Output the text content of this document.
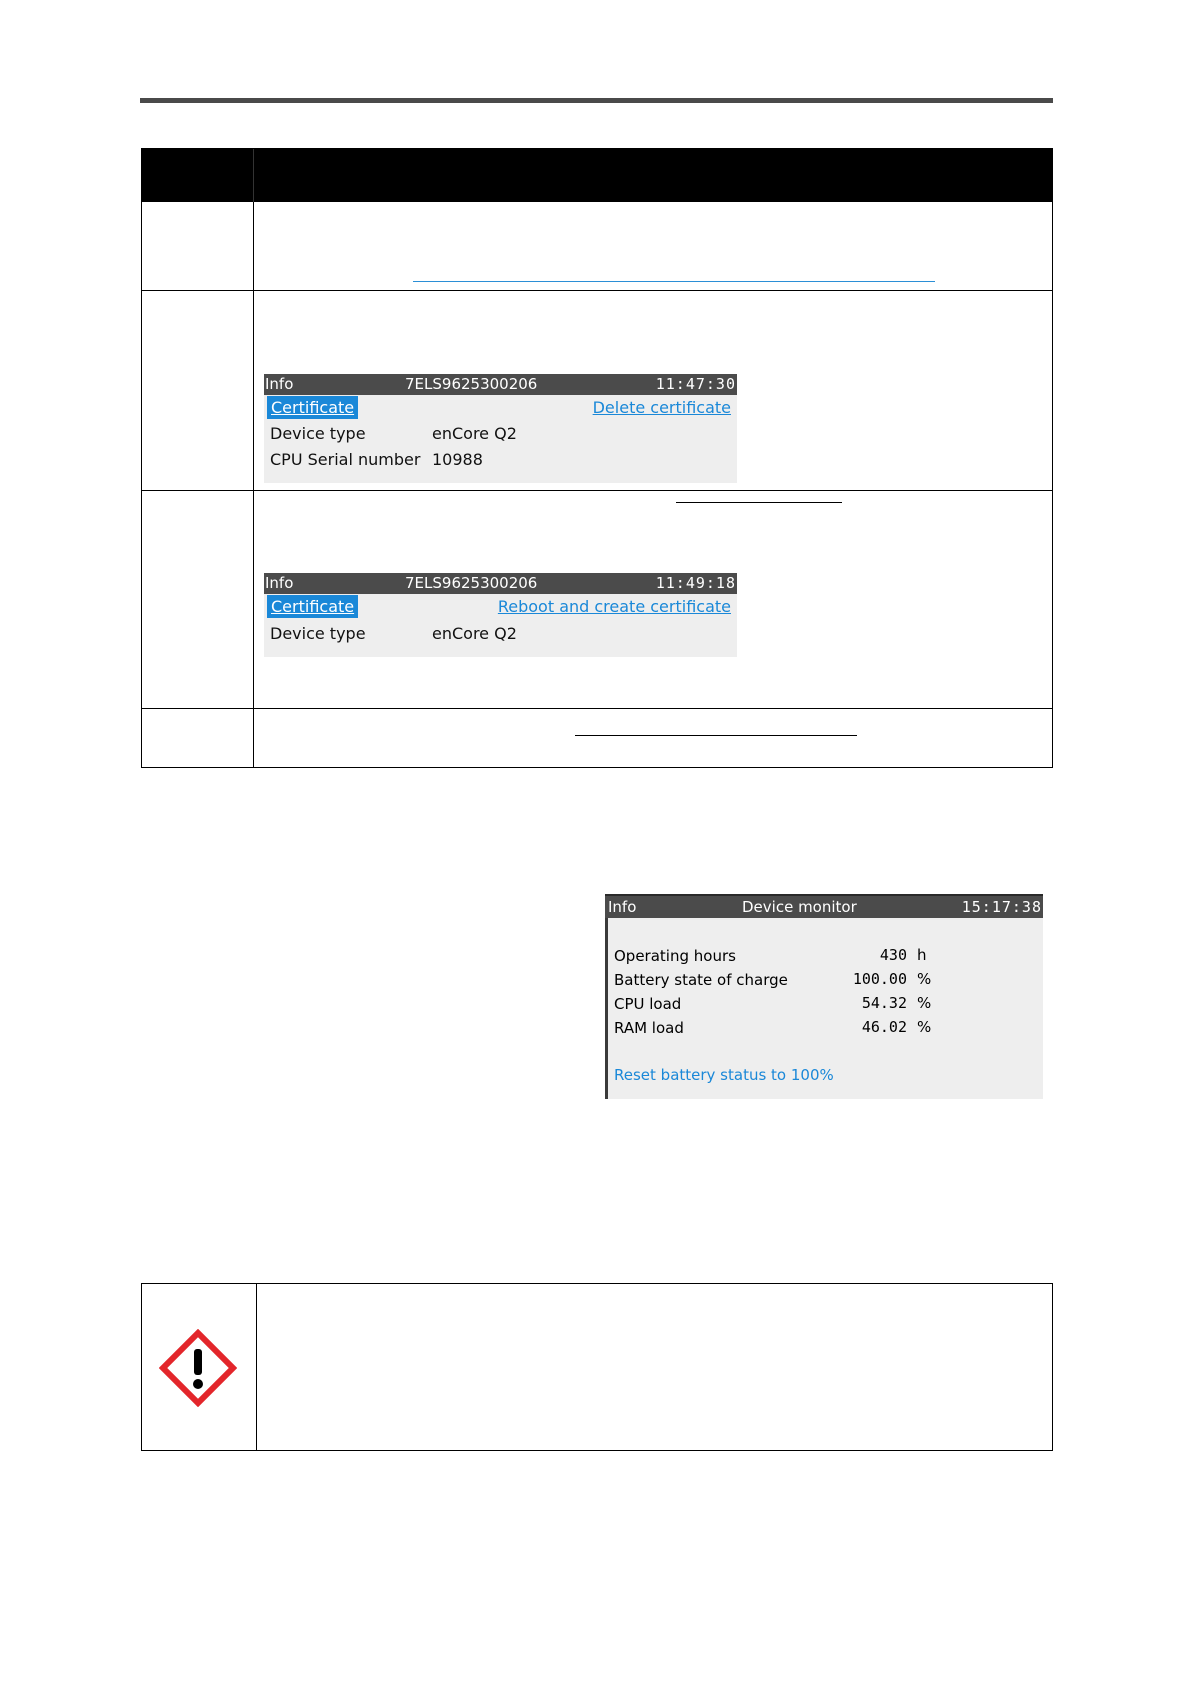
Info	7ELS9625300206	11:47:30
Certificate	Delete certificate
Device type	enCore Q2
CPU Serial number 10988
Info	7ELS9625300206	11:49:18
Certificate	Reboot and create certificate
Device type	enCore Q2
Info	Device monitor	15:17:38
Operating hours	430 h
Battery state of charge	100.00 %
CPU load	54.32 %
RAM load	46.02 %
Reset battery status to 100%
